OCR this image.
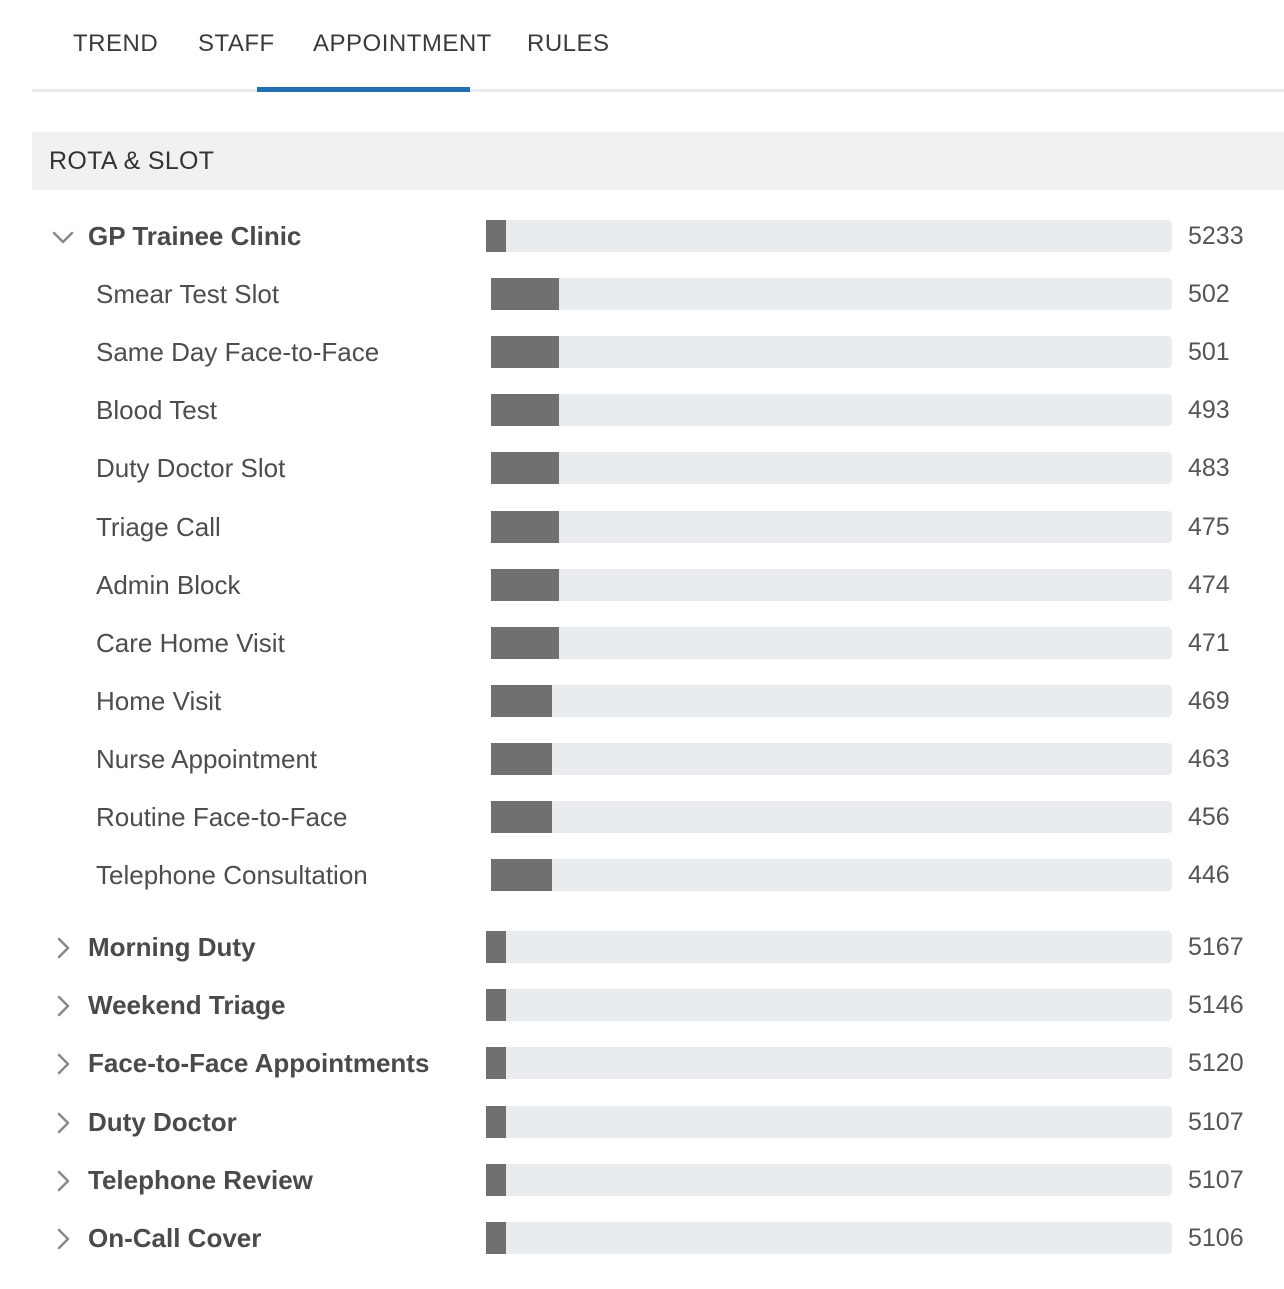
TREND	STAFF	APPOINTMENT	RULES
ROTA & SLOT
GP Trainee Clinic	5233
Smear Test Slot	502
Same Day Face-to-Face	501
Blood Test	493
Duty Doctor Slot	483
Triage Call	475
Admin Block	474
Care Home Visit	471
Home Visit	469
Nurse Appointment	463
Routine Face-to-Face	456
Telephone Consultation	446
Morning Duty	5167
Weekend Triage	5146
Face-to-Face Appointments	5120
Duty Doctor	5107
Telephone Review	5107
On-Call Cover	5106
